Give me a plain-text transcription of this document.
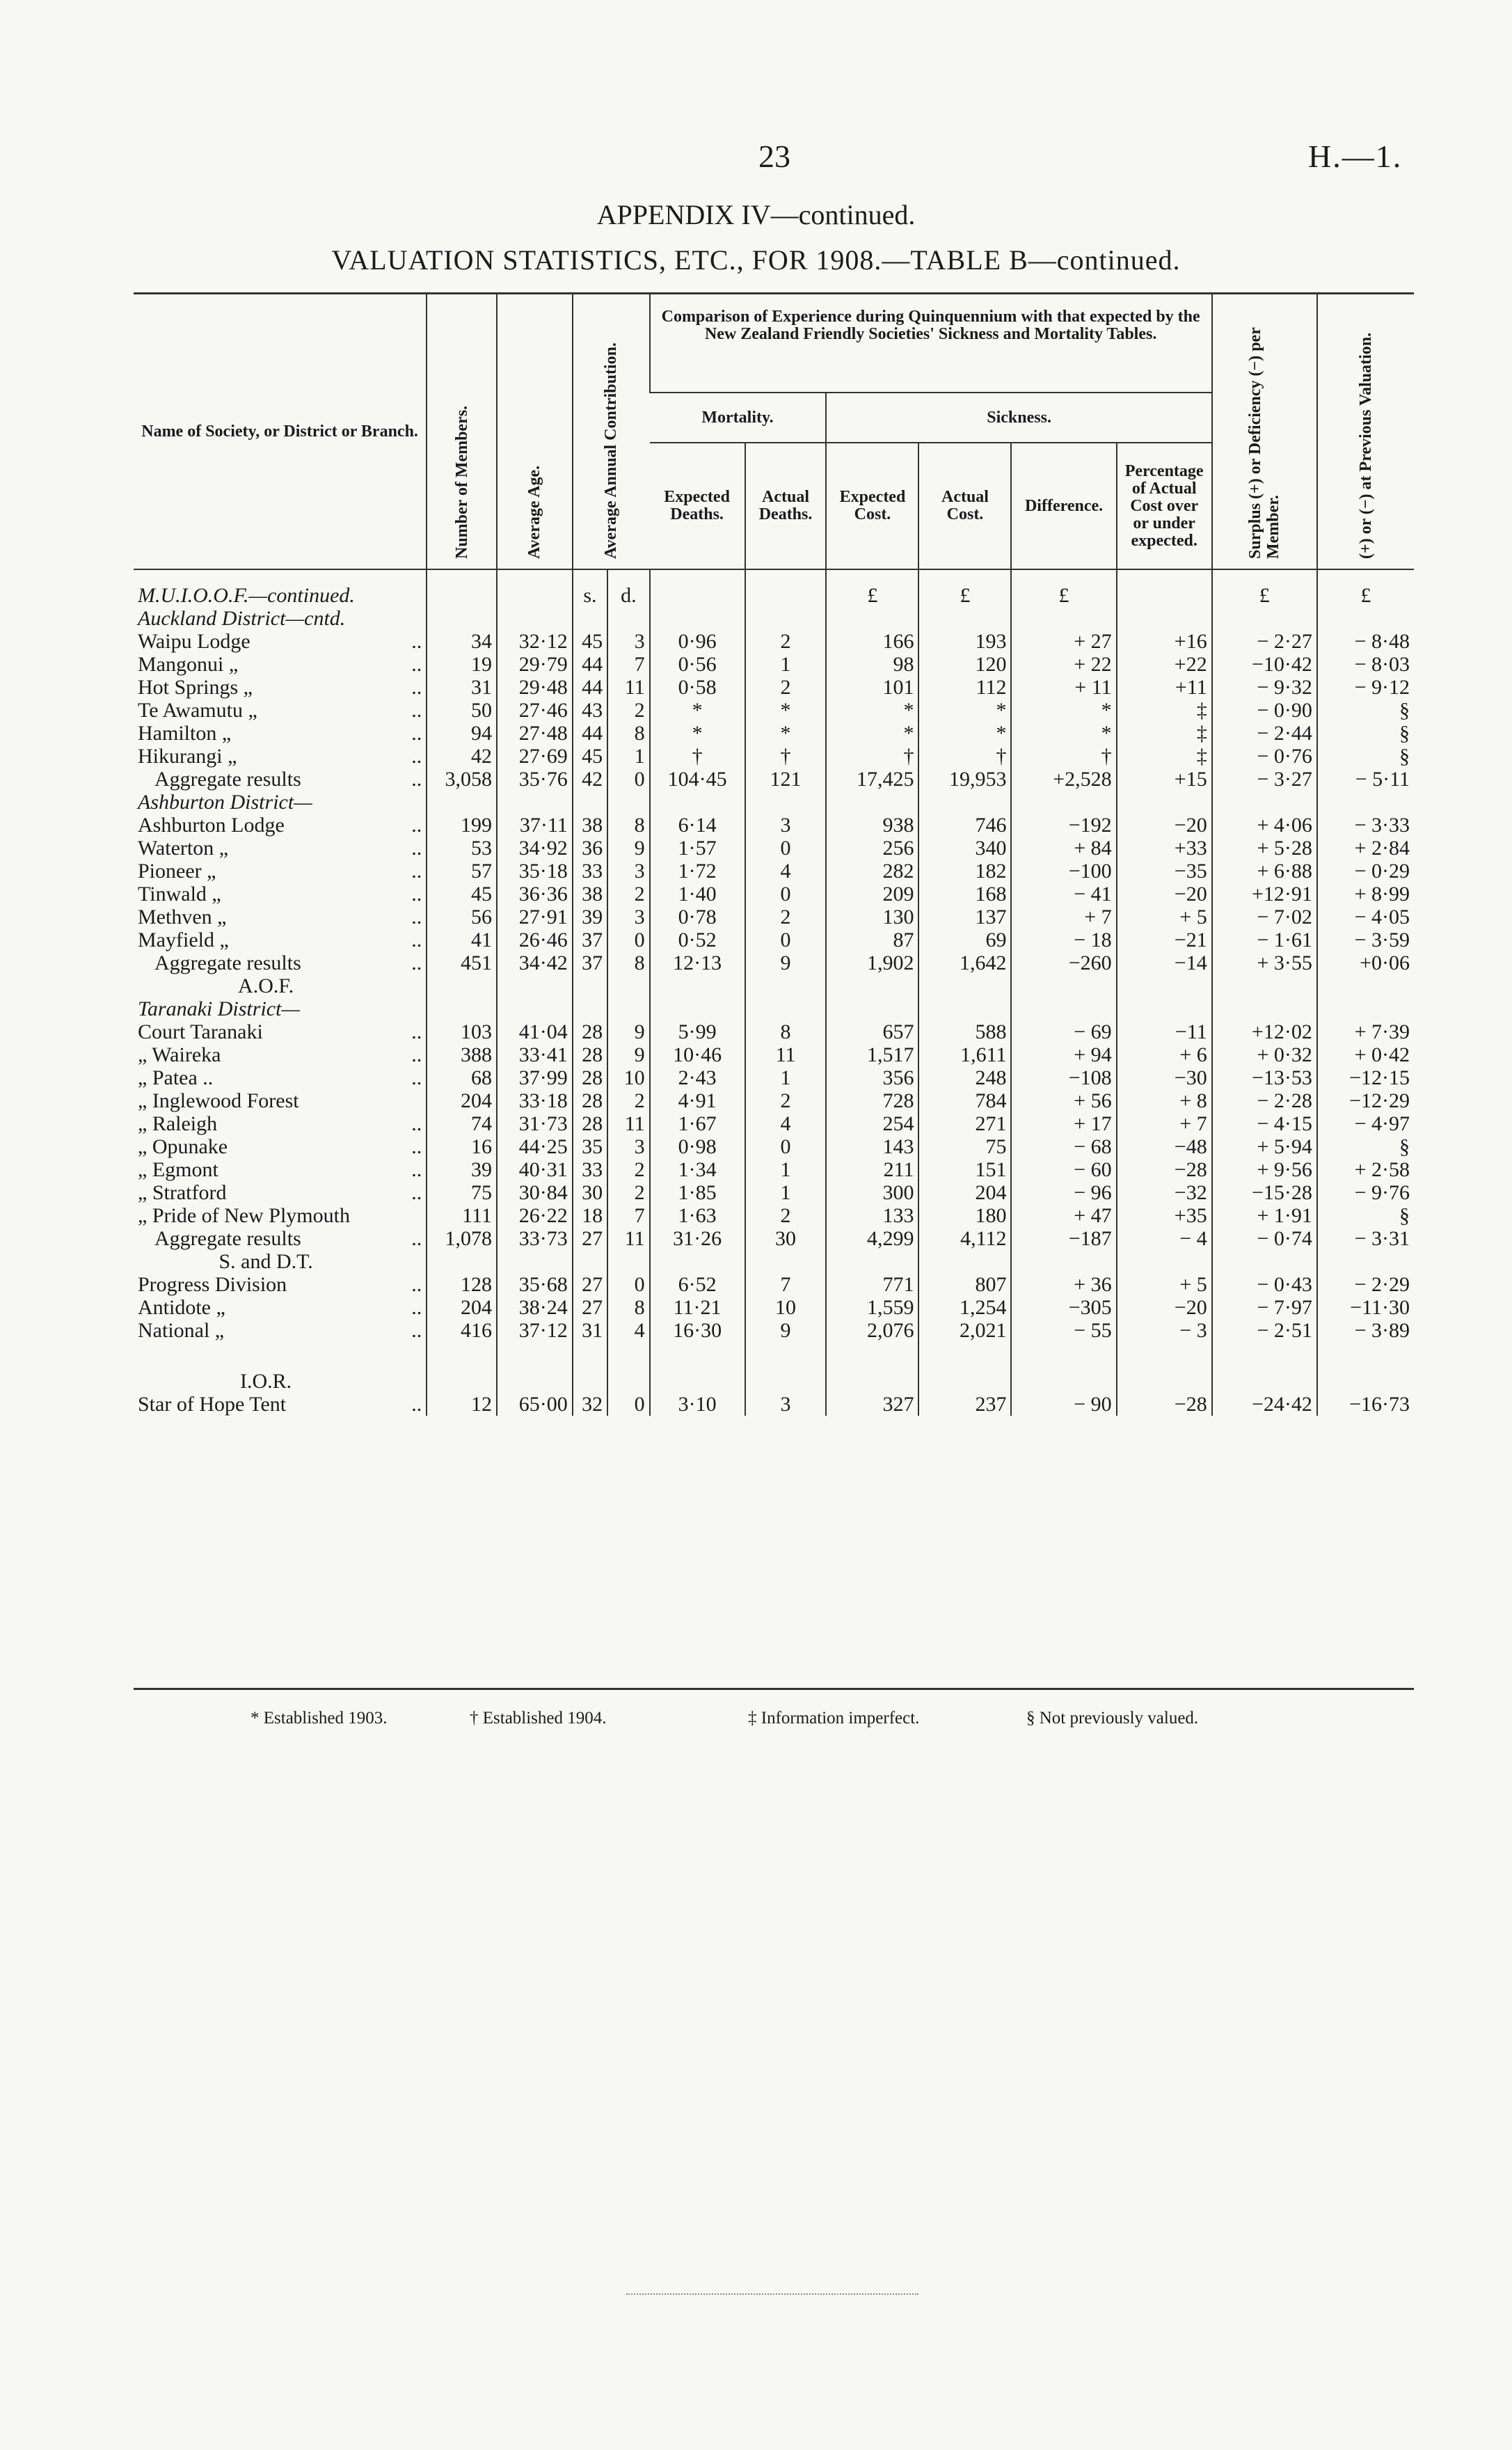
23	H.—1.
APPENDIX IV—continued.
VALUATION STATISTICS, ETC., FOR 1908.—TABLE B—continued.
Name of Society, or District or Branch.	Number of Members.	Average Age.	Average Annual Contribution.		Comparison of Experience during Quinquennium with that expected by the New Zealand Friendly Societies' Sickness and Mortality Tables.						Surplus (+) or Deficiency (−) per Member.	(+) or (−) at Previous Valuation.

					Mortality.		Sickness.					
					Expected Deaths.	Actual Deaths.	Expected Cost.	Actual Cost.	Difference.	Percentage of Actual Cost over or under expected.		
M.U.I.O.O.F.—continued.			s.	d.			£	£	£		£	£
Auckland District—cntd.												

Waipu Lodge ..	34	32·12	45	3	0·96	2	166	193	+ 27	+16	− 2·27	− 8·48

Mangonui „ ..	19	29·79	44	7	0·56	1	98	120	+ 22	+22	−10·42	− 8·03

Hot Springs „ ..	31	29·48	44	11	0·58	2	101	112	+ 11	+11	− 9·32	− 9·12

Te Awamutu „ ..	50	27·46	43	2	*	*	*	*	*	‡	− 0·90	§

Hamilton „ ..	94	27·48	44	8	*	*	*	*	*	‡	− 2·44	§

Hikurangi „ ..	42	27·69	45	1	†	†	†	†	†	‡	− 0·76	§

Aggregate results ..	3,058	35·76	42	0	104·45	121	17,425	19,953	+2,528	+15	− 3·27	− 5·11
Ashburton District—												

Ashburton Lodge ..	199	37·11	38	8	6·14	3	938	746	−192	−20	+ 4·06	− 3·33

Waterton „ ..	53	34·92	36	9	1·57	0	256	340	+ 84	+33	+ 5·28	+ 2·84

Pioneer „ ..	57	35·18	33	3	1·72	4	282	182	−100	−35	+ 6·88	− 0·29

Tinwald „ ..	45	36·36	38	2	1·40	0	209	168	− 41	−20	+12·91	+ 8·99

Methven „ ..	56	27·91	39	3	0·78	2	130	137	+ 7	+ 5	− 7·02	− 4·05

Mayfield „ ..	41	26·46	37	0	0·52	0	87	69	− 18	−21	− 1·61	− 3·59

Aggregate results ..	451	34·42	37	8	12·13	9	1,902	1,642	−260	−14	+ 3·55	+0·06

A.O.F.												

Taranaki District—												

Court Taranaki ..	103	41·04	28	9	5·99	8	657	588	− 69	−11	+12·02	+ 7·39

„ Waireka ..	388	33·41	28	9	10·46	11	1,517	1,611	+ 94	+ 6	+ 0·32	+ 0·42

„ Patea .. ..	68	37·99	28	10	2·43	1	356	248	−108	−30	−13·53	−12·15

„ Inglewood Forest	204	33·18	28	2	4·91	2	728	784	+ 56	+ 8	− 2·28	−12·29

„ Raleigh ..	74	31·73	28	11	1·67	4	254	271	+ 17	+ 7	− 4·15	− 4·97

„ Opunake ..	16	44·25	35	3	0·98	0	143	75	− 68	−48	+ 5·94	§

„ Egmont ..	39	40·31	33	2	1·34	1	211	151	− 60	−28	+ 9·56	+ 2·58

„ Stratford ..	75	30·84	30	2	1·85	1	300	204	− 96	−32	−15·28	− 9·76

„ Pride of New Plymouth	111	26·22	18	7	1·63	2	133	180	+ 47	+35	+ 1·91	§

Aggregate results ..	1,078	33·73	27	11	31·26	30	4,299	4,112	−187	− 4	− 0·74	− 3·31

S. and D.T.												

Progress Division ..	128	35·68	27	0	6·52	7	771	807	+ 36	+ 5	− 0·43	− 2·29

Antidote „ ..	204	38·24	27	8	11·21	10	1,559	1,254	−305	−20	− 7·97	−11·30

National „ ..	416	37·12	31	4	16·30	9	2,076	2,021	− 55	− 3	− 2·51	− 3·89

I.O.R.												

Star of Hope Tent ..	12	65·00	32	0	3·10	3	327	237	− 90	−28	−24·42	−16·73
* Established 1903.	† Established 1904.	‡ Information imperfect.	§ Not previously valued.
